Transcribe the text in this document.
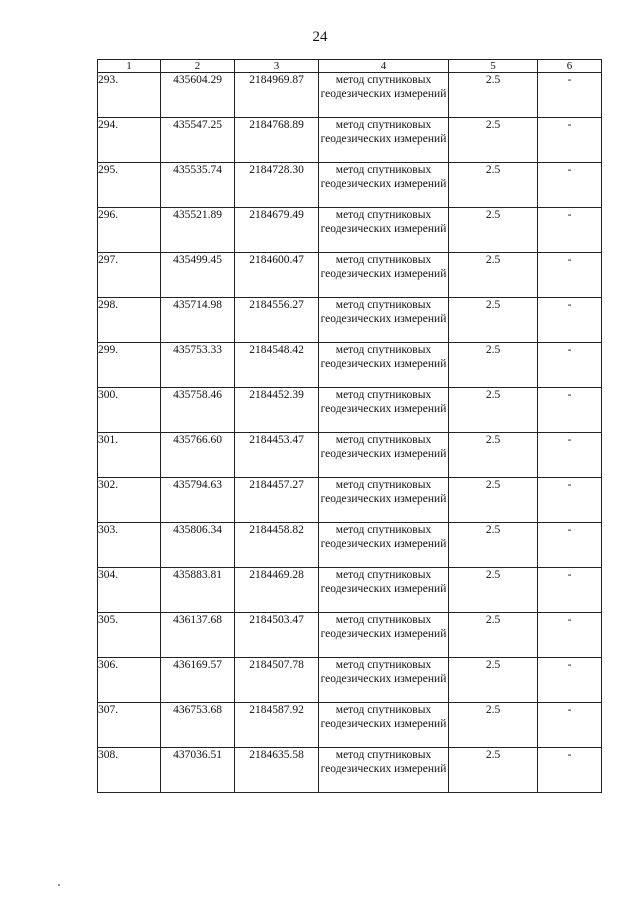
24
1	2	3	4	5	6
293.	435604.29	2184969.87	метод спутниковых геодезических измерений	2.5	-
294.	435547.25	2184768.89	метод спутниковых геодезических измерений	2.5	-
295.	435535.74	2184728.30	метод спутниковых геодезических измерений	2.5	-
296.	435521.89	2184679.49	метод спутниковых геодезических измерений	2.5	-
297.	435499.45	2184600.47	метод спутниковых геодезических измерений	2.5	-
298.	435714.98	2184556.27	метод спутниковых геодезических измерений	2.5	-
299.	435753.33	2184548.42	метод спутниковых геодезических измерений	2.5	-
300.	435758.46	2184452.39	метод спутниковых геодезических измерений	2.5	-
301.	435766.60	2184453.47	метод спутниковых геодезических измерений	2.5	-
302.	435794.63	2184457.27	метод спутниковых геодезических измерений	2.5	-
303.	435806.34	2184458.82	метод спутниковых геодезических измерений	2.5	-
304.	435883.81	2184469.28	метод спутниковых геодезических измерений	2.5	-
305.	436137.68	2184503.47	метод спутниковых геодезических измерений	2.5	-
306.	436169.57	2184507.78	метод спутниковых геодезических измерений	2.5	-
307.	436753.68	2184587.92	метод спутниковых геодезических измерений	2.5	-
308.	437036.51	2184635.58	метод спутниковых геодезических измерений	2.5	-
